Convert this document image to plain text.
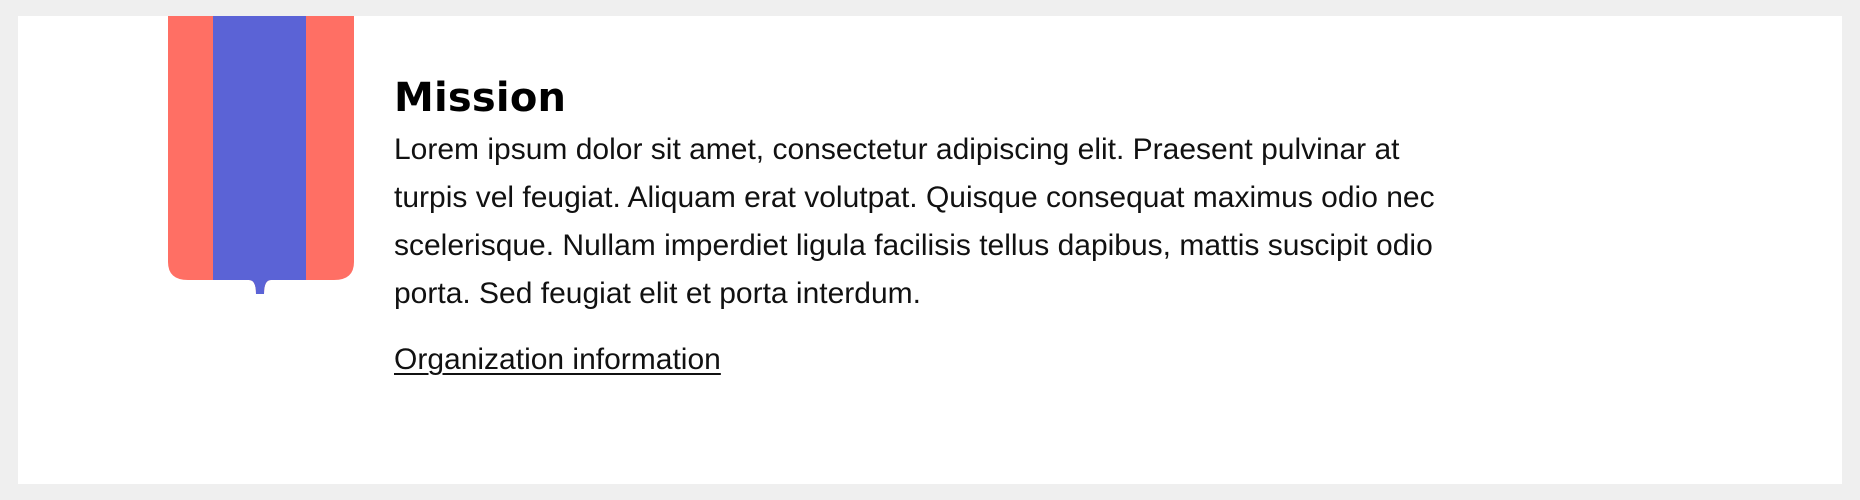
Mission

Lorem ipsum dolor sit amet, consectetur adipiscing elit. Praesent pulvinar at turpis vel feugiat. Aliquam erat volutpat. Quisque consequat maximus odio nec scelerisque. Nullam imperdiet ligula facilisis tellus dapibus, mattis suscipit odio porta. Sed feugiat elit et porta interdum.

Organization information
